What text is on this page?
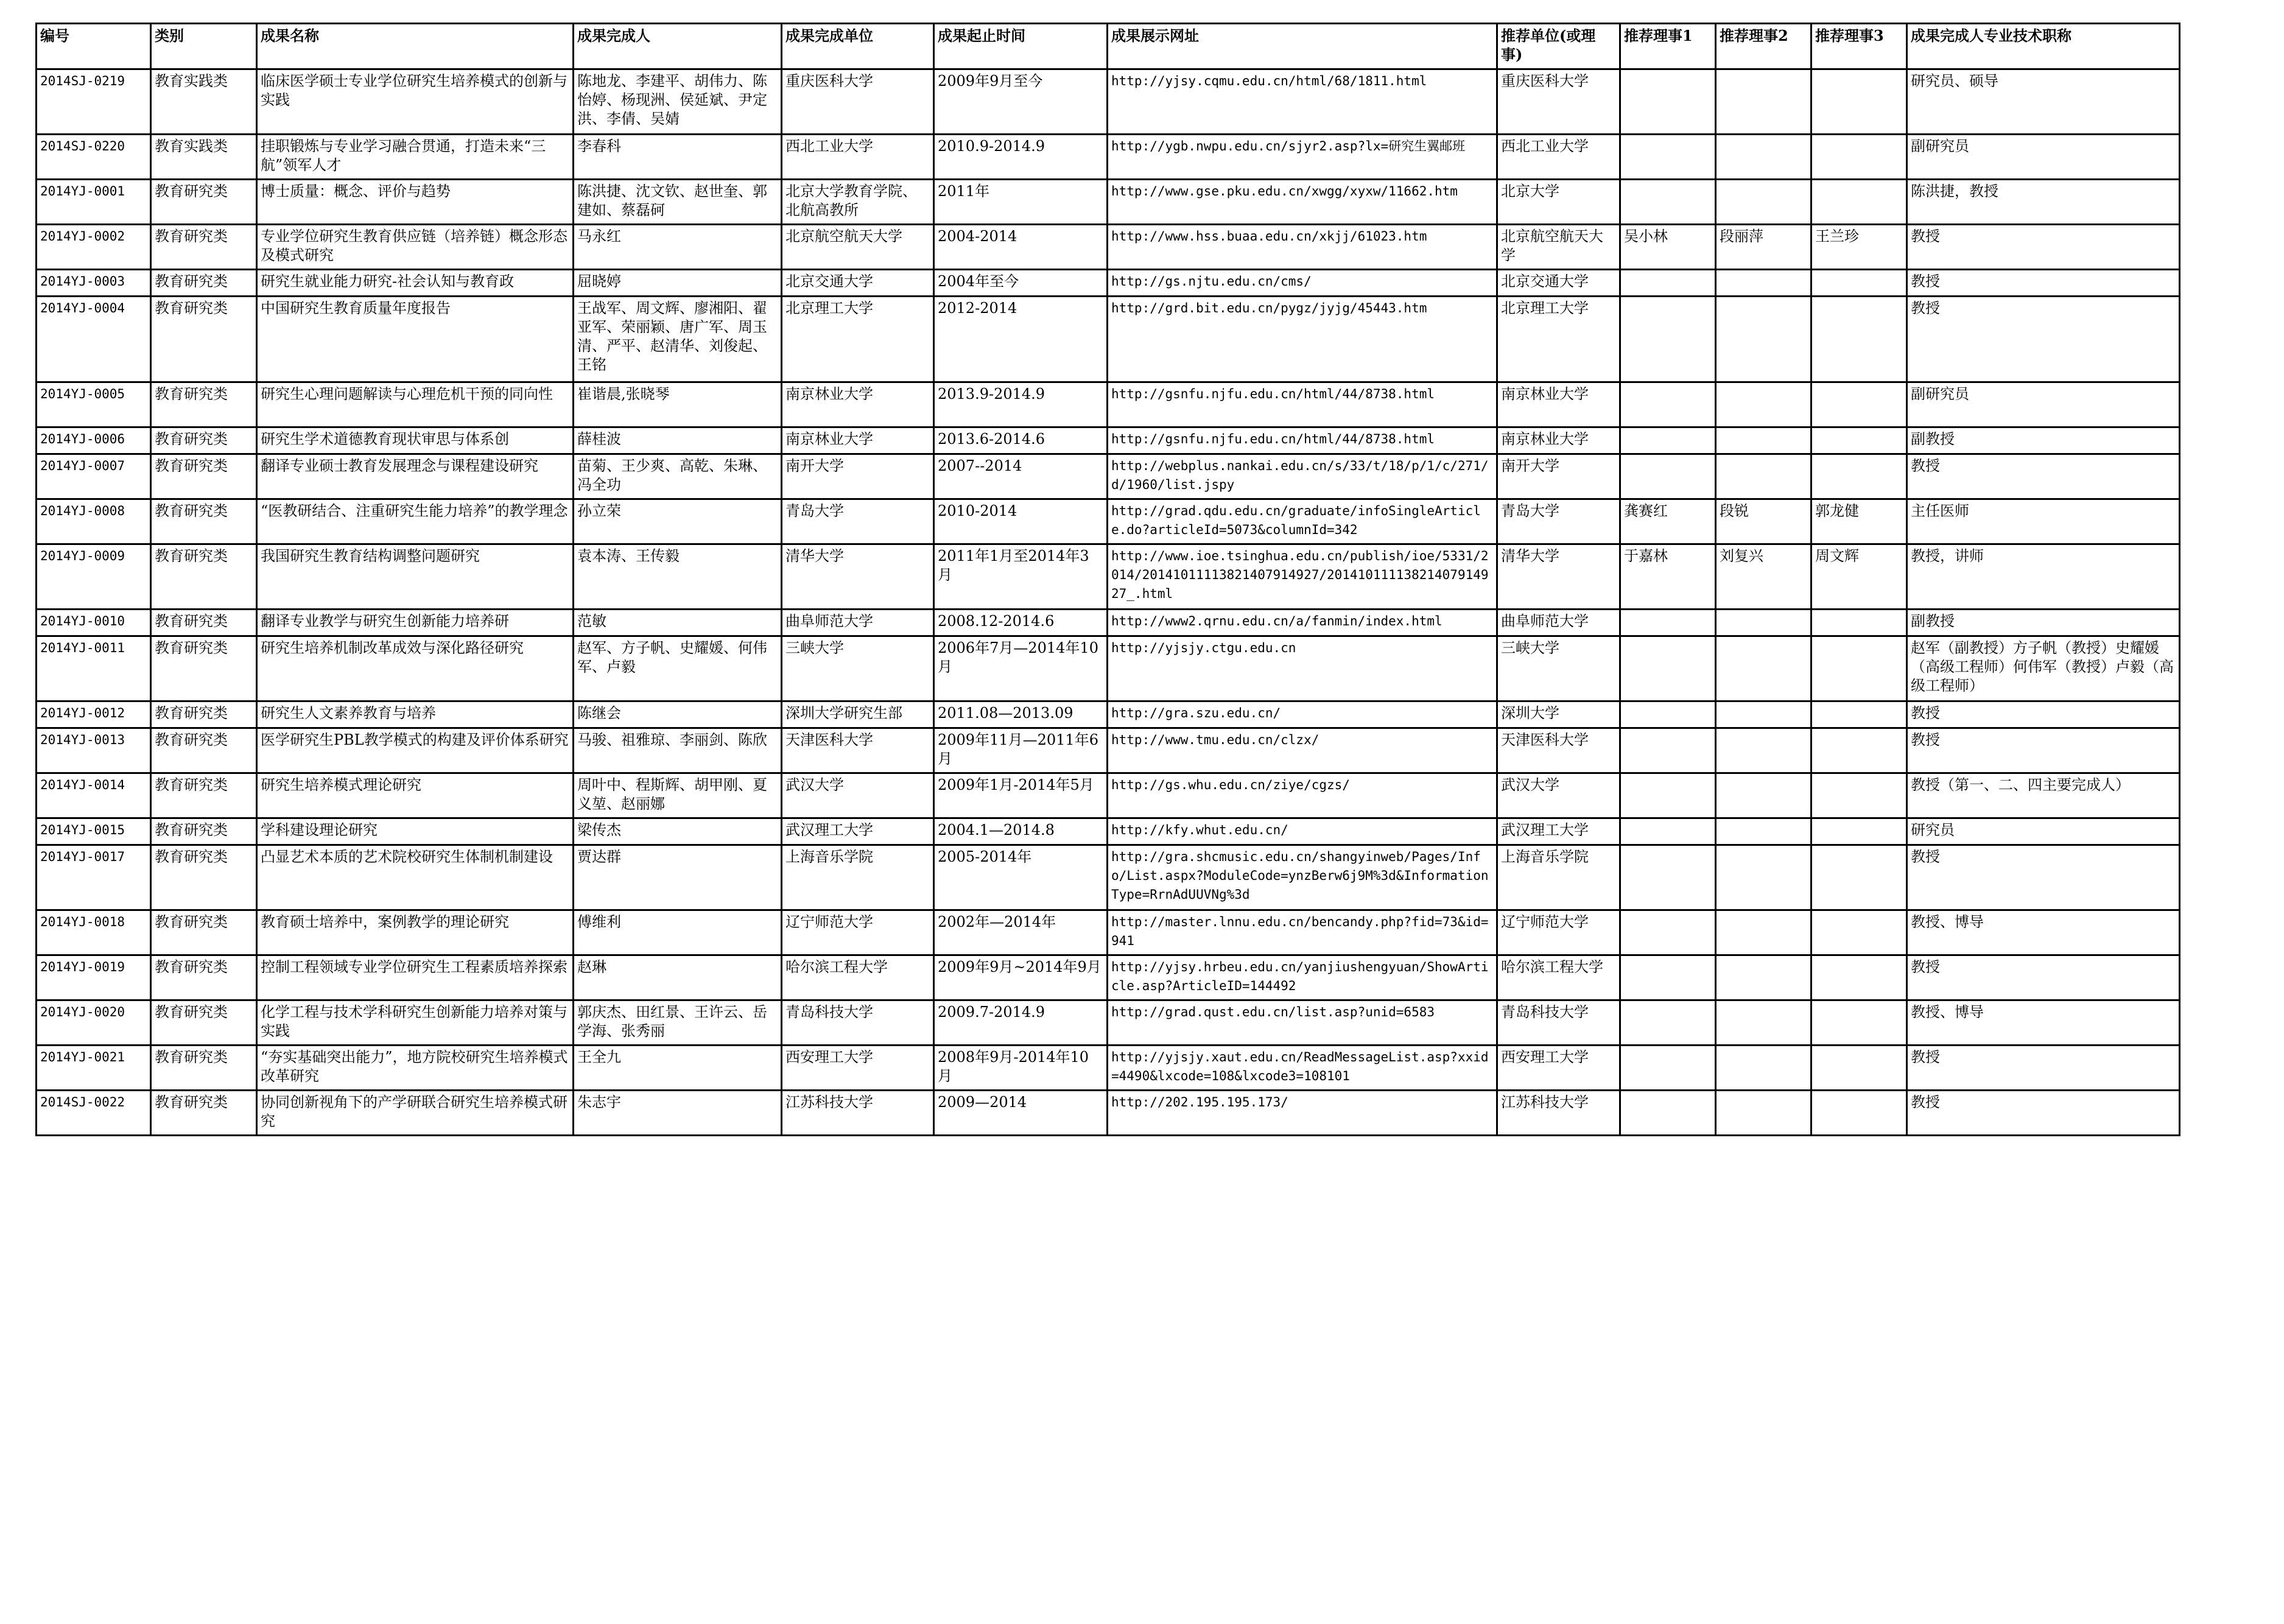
编号	类别	成果名称	成果完成人	成果完成单位	成果起止时间	成果展示网址	推荐单位(或理事)	推荐理事1	推荐理事2	推荐理事3	成果完成人专业技术职称
2014SJ-0219	教育实践类	临床医学硕士专业学位研究生培养模式的创新与实践	陈地龙、李建平、胡伟力、陈怡婷、杨现洲、侯延斌、尹定洪、李倩、吴婧	重庆医科大学	2009年9月至今	http://yjsy.cqmu.edu.cn/html/68/1811.html	重庆医科大学				研究员、硕导
2014SJ-0220	教育实践类	挂职锻炼与专业学习融合贯通，打造未来“三航”领军人才	李春科	西北工业大学	2010.9-2014.9	http://ygb.nwpu.edu.cn/sjyr2.asp?lx=研究生翼邮班	西北工业大学				副研究员
2014YJ-0001	教育研究类	博士质量：概念、评价与趋势	陈洪捷、沈文钦、赵世奎、郭建如、蔡磊砢	北京大学教育学院、北航高教所	2011年	http://www.gse.pku.edu.cn/xwgg/xyxw/11662.htm	北京大学				陈洪捷，教授
2014YJ-0002	教育研究类	专业学位研究生教育供应链（培养链）概念形态及模式研究	马永红	北京航空航天大学	2004-2014	http://www.hss.buaa.edu.cn/xkjj/61023.htm	北京航空航天大学	吴小林	段丽萍	王兰珍	教授
2014YJ-0003	教育研究类	研究生就业能力研究-社会认知与教育政	屈晓婷	北京交通大学	2004年至今	http://gs.njtu.edu.cn/cms/	北京交通大学				教授
2014YJ-0004	教育研究类	中国研究生教育质量年度报告	王战军、周文辉、廖湘阳、翟亚军、荣丽颖、唐广军、周玉清、严平、赵清华、刘俊起、王铭	北京理工大学	2012-2014	http://grd.bit.edu.cn/pygz/jyjg/45443.htm	北京理工大学				教授
2014YJ-0005	教育研究类	研究生心理问题解读与心理危机干预的同向性	崔谐晨,张晓琴	南京林业大学	2013.9-2014.9	http://gsnfu.njfu.edu.cn/html/44/8738.html	南京林业大学				副研究员
2014YJ-0006	教育研究类	研究生学术道德教育现状审思与体系创	薛桂波	南京林业大学	2013.6-2014.6	http://gsnfu.njfu.edu.cn/html/44/8738.html	南京林业大学				副教授
2014YJ-0007	教育研究类	翻译专业硕士教育发展理念与课程建设研究	苗菊、王少爽、高乾、朱琳、冯全功	南开大学	2007--2014	http://webplus.nankai.edu.cn/s/33/t/18/p/1/c/271/d/1960/list.jspy	南开大学				教授
2014YJ-0008	教育研究类	“医教研结合、注重研究生能力培养”的教学理念	孙立荣	青岛大学	2010-2014	http://grad.qdu.edu.cn/graduate/infoSingleArticle.do?articleId=5073&columnId=342	青岛大学	龚赛红	段锐	郭龙健	主任医师
2014YJ-0009	教育研究类	我国研究生教育结构调整问题研究	袁本涛、王传毅	清华大学	2011年1月至2014年3月	http://www.ioe.tsinghua.edu.cn/publish/ioe/5331/2014/20141011113821407914927/20141011113821407914927_.html	清华大学	于嘉林	刘复兴	周文辉	教授，讲师
2014YJ-0010	教育研究类	翻译专业教学与研究生创新能力培养研	范敏	曲阜师范大学	2008.12-2014.6	http://www2.qrnu.edu.cn/a/fanmin/index.html	曲阜师范大学				副教授
2014YJ-0011	教育研究类	研究生培养机制改革成效与深化路径研究	赵军、方子帆、史耀媛、何伟军、卢毅	三峡大学	2006年7月—2014年10月	http://yjsjy.ctgu.edu.cn	三峡大学				赵军（副教授）方子帆（教授）史耀媛（高级工程师）何伟军（教授）卢毅（高级工程师）
2014YJ-0012	教育研究类	研究生人文素养教育与培养	陈继会	深圳大学研究生部	2011.08—2013.09	http://gra.szu.edu.cn/	深圳大学				教授
2014YJ-0013	教育研究类	医学研究生PBL教学模式的构建及评价体系研究	马骏、祖雅琼、李丽剑、陈欣	天津医科大学	2009年11月—2011年6月	http://www.tmu.edu.cn/clzx/	天津医科大学				教授
2014YJ-0014	教育研究类	研究生培养模式理论研究	周叶中、程斯辉、胡甲刚、夏义堃、赵丽娜	武汉大学	2009年1月-2014年5月	http://gs.whu.edu.cn/ziye/cgzs/	武汉大学				教授（第一、二、四主要完成人）
2014YJ-0015	教育研究类	学科建设理论研究	梁传杰	武汉理工大学	2004.1—2014.8	http://kfy.whut.edu.cn/	武汉理工大学				研究员
2014YJ-0017	教育研究类	凸显艺术本质的艺术院校研究生体制机制建设	贾达群	上海音乐学院	2005-2014年	http://gra.shcmusic.edu.cn/shangyinweb/Pages/Info/List.aspx?ModuleCode=ynzBerw6j9M%3d&InformationType=RrnAdUUVNg%3d	上海音乐学院				教授
2014YJ-0018	教育研究类	教育硕士培养中，案例教学的理论研究	傅维利	辽宁师范大学	2002年—2014年	http://master.lnnu.edu.cn/bencandy.php?fid=73&id=941	辽宁师范大学				教授、博导
2014YJ-0019	教育研究类	控制工程领域专业学位研究生工程素质培养探索	赵琳	哈尔滨工程大学	2009年9月~2014年9月	http://yjsy.hrbeu.edu.cn/yanjiushengyuan/ShowArticle.asp?ArticleID=144492	哈尔滨工程大学				教授
2014YJ-0020	教育研究类	化学工程与技术学科研究生创新能力培养对策与实践	郭庆杰、田红景、王许云、岳学海、张秀丽	青岛科技大学	2009.7-2014.9	http://grad.qust.edu.cn/list.asp?unid=6583	青岛科技大学				教授、博导
2014YJ-0021	教育研究类	“夯实基础突出能力”，地方院校研究生培养模式改革研究	王全九	西安理工大学	2008年9月-2014年10月	http://yjsjy.xaut.edu.cn/ReadMessageList.asp?xxid=4490&lxcode=108&lxcode3=108101	西安理工大学				教授
2014SJ-0022	教育研究类	协同创新视角下的产学研联合研究生培养模式研究	朱志宇	江苏科技大学	2009—2014	http://202.195.195.173/	江苏科技大学				教授
